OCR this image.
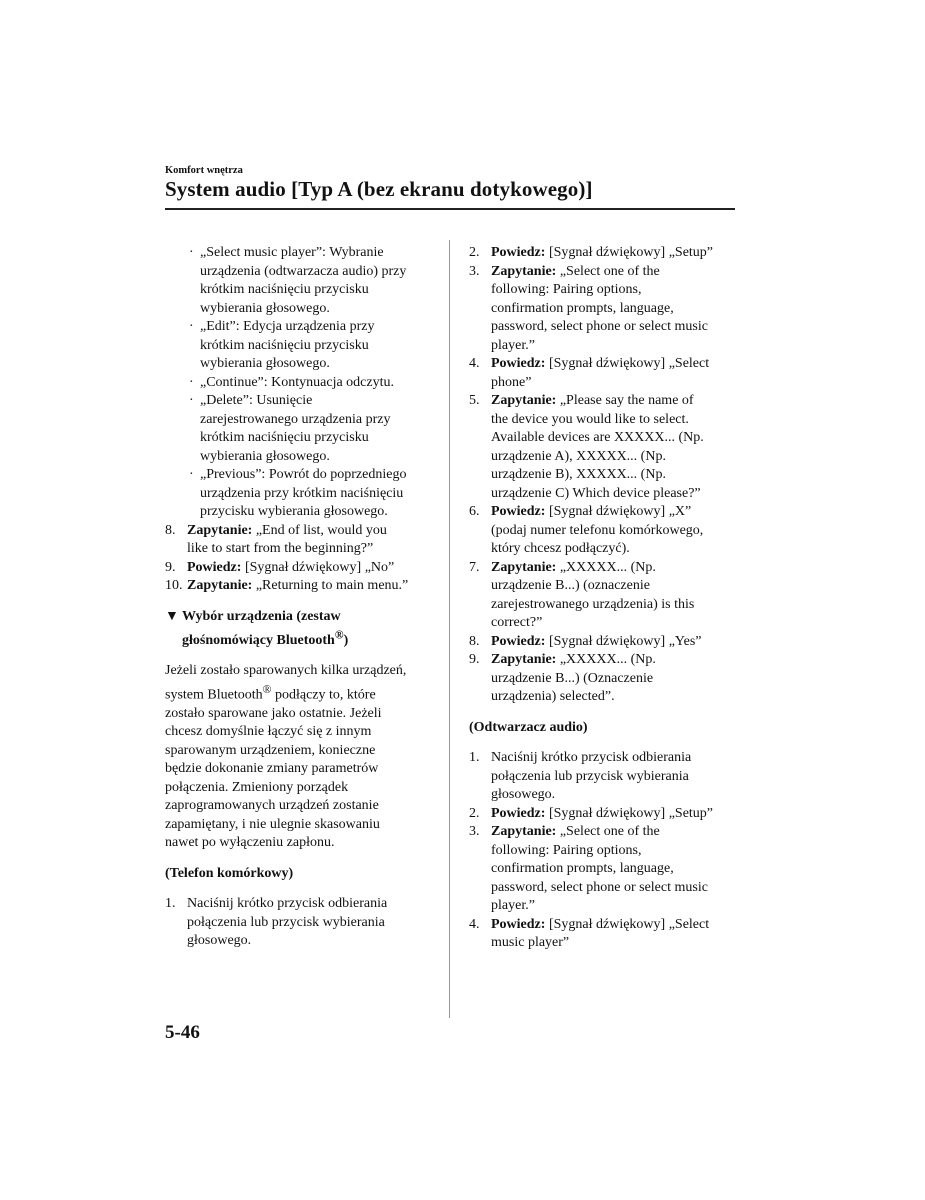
Komfort wnętrza
System audio [Typ A (bez ekranu dotykowego)]
· „Select music player”: Wybranie
urządzenia (odtwarzacza audio) przy
krótkim naciśnięciu przycisku
wybierania głosowego.
· „Edit”: Edycja urządzenia przy
krótkim naciśnięciu przycisku
wybierania głosowego.
· „Continue”: Kontynuacja odczytu.
· „Delete”: Usunięcie
zarejestrowanego urządzenia przy
krótkim naciśnięciu przycisku
wybierania głosowego.
· „Previous”: Powrót do poprzedniego
urządzenia przy krótkim naciśnięciu
przycisku wybierania głosowego.
8. Zapytanie: „End of list, would you
like to start from the beginning?”
9. Powiedz: [Sygnał dźwiękowy] „No”
10. Zapytanie: „Returning to main menu.”
▼ Wybór urządzenia (zestaw
głośnomówiący Bluetooth®)
Jeżeli zostało sparowanych kilka urządzeń,
system Bluetooth® podłączy to, które
zostało sparowane jako ostatnie. Jeżeli
chcesz domyślnie łączyć się z innym
sparowanym urządzeniem, konieczne
będzie dokonanie zmiany parametrów
połączenia. Zmieniony porządek
zaprogramowanych urządzeń zostanie
zapamiętany, i nie ulegnie skasowaniu
nawet po wyłączeniu zapłonu.
(Telefon komórkowy)
1. Naciśnij krótko przycisk odbierania
połączenia lub przycisk wybierania
głosowego.
2. Powiedz: [Sygnał dźwiękowy] „Setup”
3. Zapytanie: „Select one of the
following: Pairing options,
confirmation prompts, language,
password, select phone or select music
player.”
4. Powiedz: [Sygnał dźwiękowy] „Select
phone”
5. Zapytanie: „Please say the name of
the device you would like to select.
Available devices are XXXXX... (Np.
urządzenie A), XXXXX... (Np.
urządzenie B), XXXXX... (Np.
urządzenie C) Which device please?”
6. Powiedz: [Sygnał dźwiękowy] „X”
(podaj numer telefonu komórkowego,
który chcesz podłączyć).
7. Zapytanie: „XXXXX... (Np.
urządzenie B...) (oznaczenie
zarejestrowanego urządzenia) is this
correct?”
8. Powiedz: [Sygnał dźwiękowy] „Yes”
9. Zapytanie: „XXXXX... (Np.
urządzenie B...) (Oznaczenie
urządzenia) selected”.
(Odtwarzacz audio)
1. Naciśnij krótko przycisk odbierania
połączenia lub przycisk wybierania
głosowego.
2. Powiedz: [Sygnał dźwiękowy] „Setup”
3. Zapytanie: „Select one of the
following: Pairing options,
confirmation prompts, language,
password, select phone or select music
player.”
4. Powiedz: [Sygnał dźwiękowy] „Select
music player”
5-46
